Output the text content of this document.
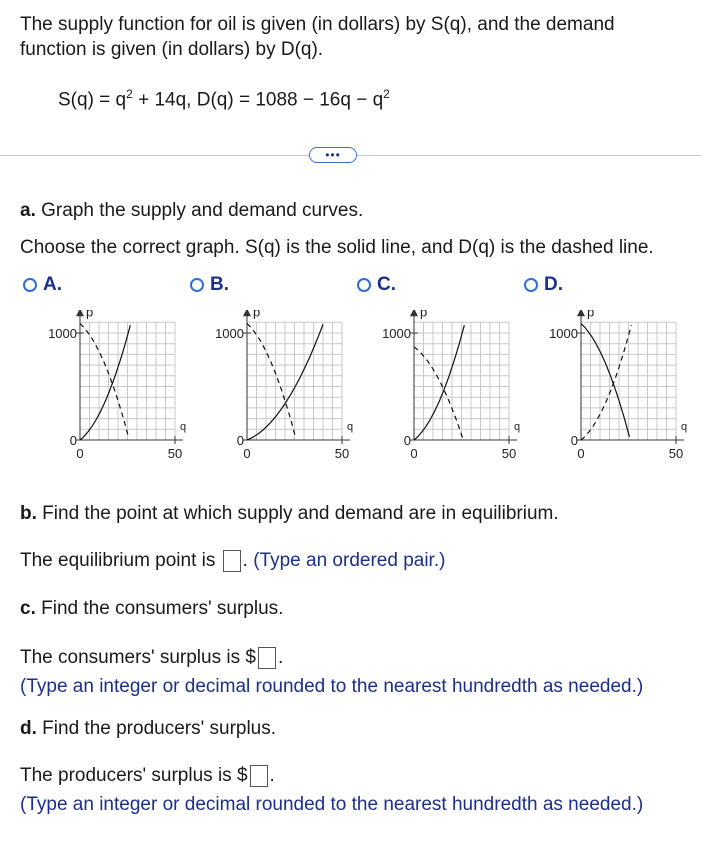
The supply function for oil is given (in dollars) by S(q), and the demand
function is given (in dollars) by D(q).
$S(q) = q^2 + 14q$, $D(q) = 1088 - 16q - q^2$
•••
a. Graph the supply and demand curves.
Choose the correct graph. S(q) is the solid line, and D(q) is the dashed line.
A.	B.	C.	D.
p
q
1000
0
0	50
p
q
1000
0
0	50
p
q
1000
0
0	50
p
q
1000
0
0	50
b. Find the point at which supply and demand are in equilibrium.
The equilibrium point is . (Type an ordered pair.)
c. Find the consumers' surplus.
The consumers' surplus is $ .
(Type an integer or decimal rounded to the nearest hundredth as needed.)
d. Find the producers' surplus.
The producers' surplus is $ .
(Type an integer or decimal rounded to the nearest hundredth as needed.)
